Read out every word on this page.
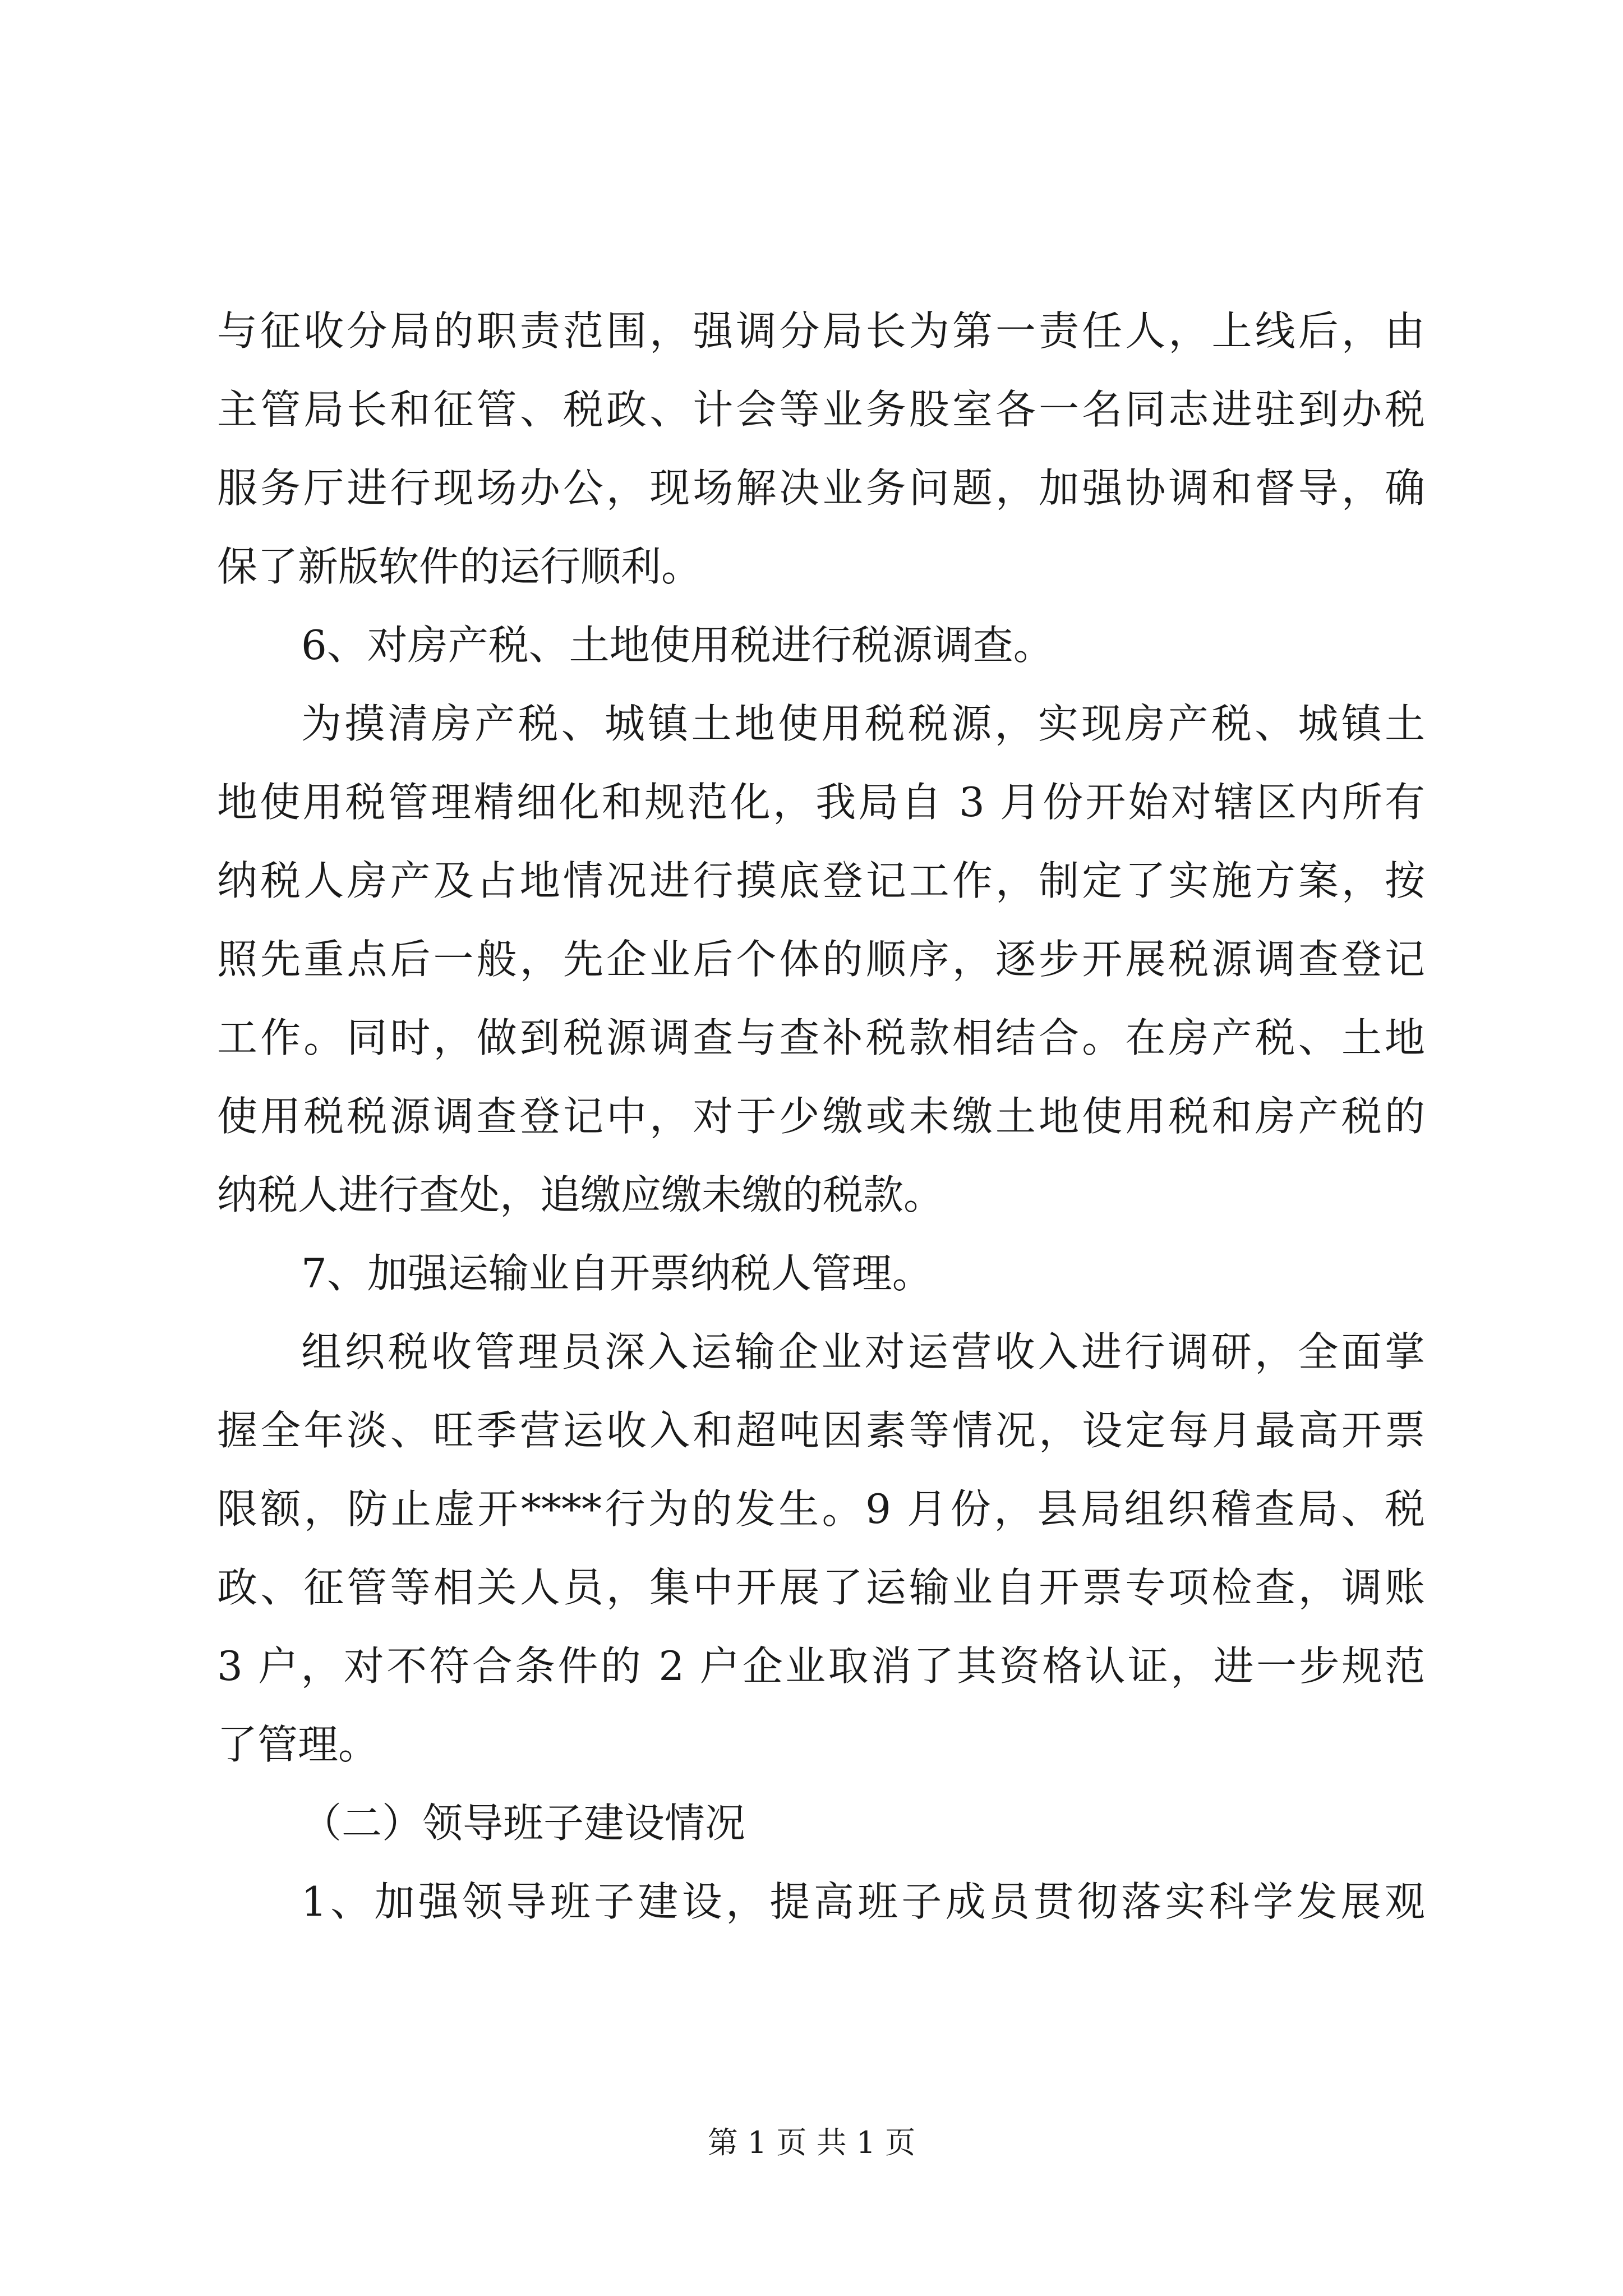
与征收分局的职责范围，强调分局长为第一责任人，上线后，由
主管局长和征管、税政、计会等业务股室各一名同志进驻到办税
服务厅进行现场办公，现场解决业务问题，加强协调和督导，确
保了新版软件的运行顺利。
6、对房产税、土地使用税进行税源调查。
为摸清房产税、城镇土地使用税税源，实现房产税、城镇土
地使用税管理精细化和规范化，我局自 3 月份开始对辖区内所有
纳税人房产及占地情况进行摸底登记工作，制定了实施方案，按
照先重点后一般，先企业后个体的顺序，逐步开展税源调查登记
工作。同时，做到税源调查与查补税款相结合。在房产税、土地
使用税税源调查登记中，对于少缴或未缴土地使用税和房产税的
纳税人进行查处，追缴应缴未缴的税款。
7、加强运输业自开票纳税人管理。
组织税收管理员深入运输企业对运营收入进行调研，全面掌
握全年淡、旺季营运收入和超吨因素等情况，设定每月最高开票
限额，防止虚开****行为的发生。9 月份，县局组织稽查局、税
政、征管等相关人员，集中开展了运输业自开票专项检查，调账
3 户，对不符合条件的 2 户企业取消了其资格认证，进一步规范
了管理。
（二）领导班子建设情况
1、加强领导班子建设，提高班子成员贯彻落实科学发展观
第 1 页 共 1 页
